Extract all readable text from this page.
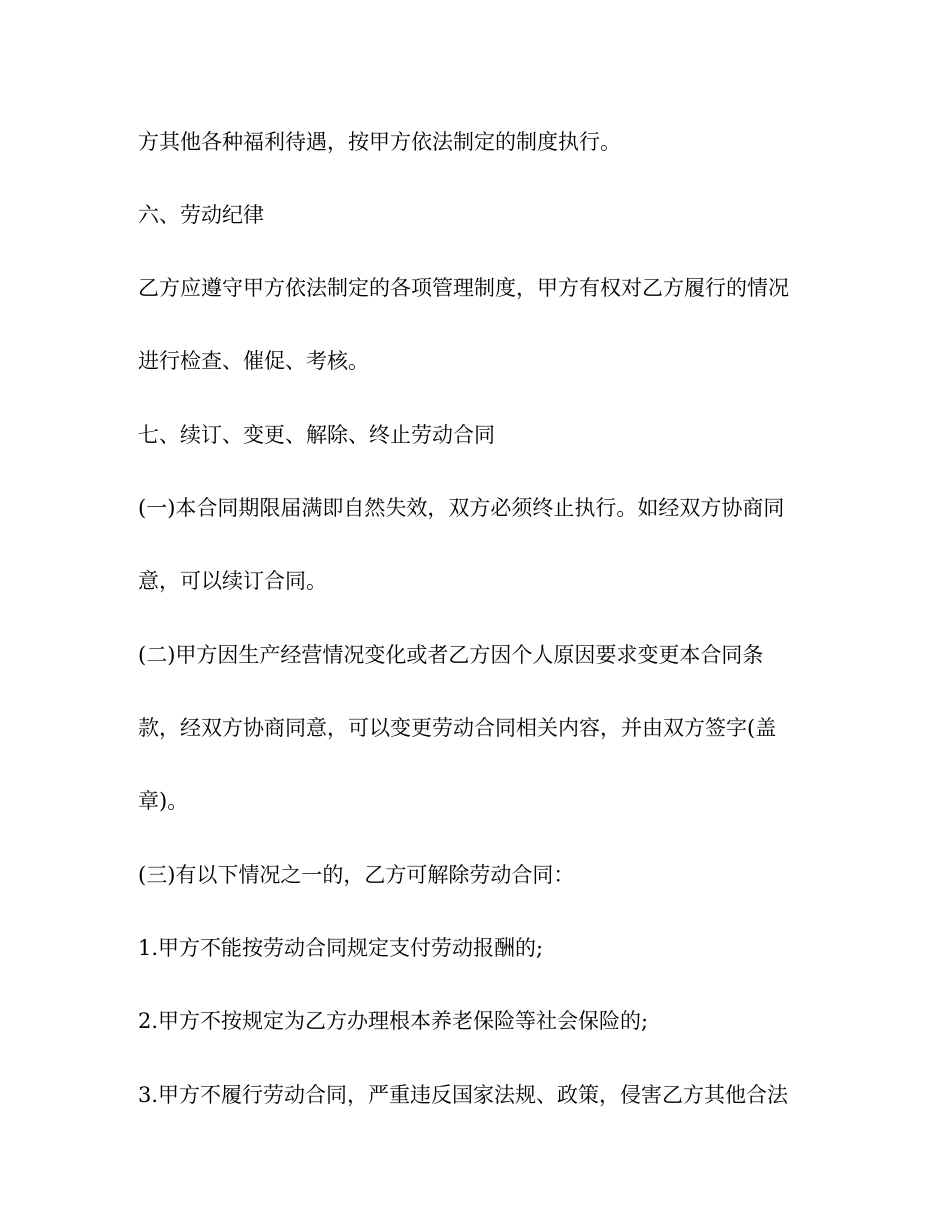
方其他各种福利待遇，按甲方依法制定的制度执行。

六、劳动纪律

乙方应遵守甲方依法制定的各项管理制度，甲方有权对乙方履行的情况

进行检查、催促、考核。

七、续订、变更、解除、终止劳动合同

(一)本合同期限届满即自然失效，双方必须终止执行。如经双方协商同

意，可以续订合同。

(二)甲方因生产经营情况变化或者乙方因个人原因要求变更本合同条

款，经双方协商同意，可以变更劳动合同相关内容，并由双方签字(盖

章)。

(三)有以下情况之一的，乙方可解除劳动合同：

1.甲方不能按劳动合同规定支付劳动报酬的;

2.甲方不按规定为乙方办理根本养老保险等社会保险的;

3.甲方不履行劳动合同，严重违反国家法规、政策，侵害乙方其他合法
